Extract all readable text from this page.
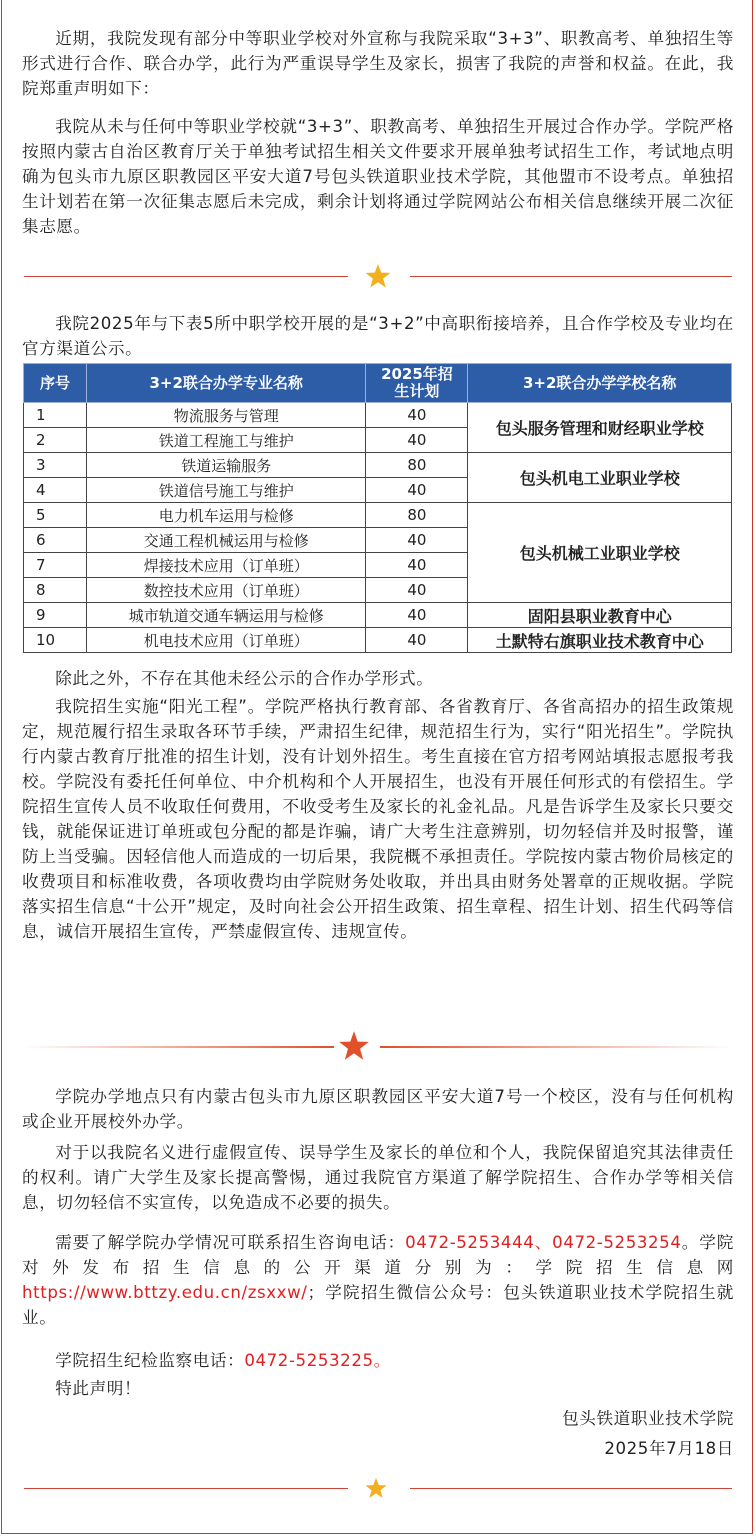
近期，我院发现有部分中等职业学校对外宣称与我院采取“3+3”、职教高考、单独招生等形式进行合作、联合办学，此行为严重误导学生及家长，损害了我院的声誉和权益。在此，我院郑重声明如下：

我院从未与任何中等职业学校就“3+3”、职教高考、单独招生开展过合作办学。学院严格按照内蒙古自治区教育厅关于单独考试招生相关文件要求开展单独考试招生工作，考试地点明确为包头市九原区职教园区平安大道7号包头铁道职业技术学院，其他盟市不设考点。单独招生计划若在第一次征集志愿后未完成，剩余计划将通过学院网站公布相关信息继续开展二次征集志愿。

我院2025年与下表5所中职学校开展的是“3+2”中高职衔接培养，且合作学校及专业均在官方渠道公示。

序号	3+2联合办学专业名称	2025年招生计划	3+2联合办学学校名称
1	物流服务与管理	40	包头服务管理和财经职业学校
2	铁道工程施工与维护	40	
3	铁道运输服务	80	包头机电工业职业学校
4	铁道信号施工与维护	40	
5	电力机车运用与检修	80	包头机械工业职业学校
6	交通工程机械运用与检修	40	
7	焊接技术应用（订单班）	40	
8	数控技术应用（订单班）	40	
9	城市轨道交通车辆运用与检修	40	固阳县职业教育中心
10	机电技术应用（订单班）	40	土默特右旗职业技术教育中心

除此之外，不存在其他未经公示的合作办学形式。

我院招生实施“阳光工程”。学院严格执行教育部、各省教育厅、各省高招办的招生政策规定，规范履行招生录取各环节手续，严肃招生纪律，规范招生行为，实行“阳光招生”。学院执行内蒙古教育厅批准的招生计划，没有计划外招生。考生直接在官方招考网站填报志愿报考我校。学院没有委托任何单位、中介机构和个人开展招生，也没有开展任何形式的有偿招生。学院招生宣传人员不收取任何费用，不收受考生及家长的礼金礼品。凡是告诉学生及家长只要交钱，就能保证进订单班或包分配的都是诈骗，请广大考生注意辨别，切勿轻信并及时报警，谨防上当受骗。因轻信他人而造成的一切后果，我院概不承担责任。学院按内蒙古物价局核定的收费项目和标准收费，各项收费均由学院财务处收取，并出具由财务处署章的正规收据。学院落实招生信息“十公开”规定，及时向社会公开招生政策、招生章程、招生计划、招生代码等信息，诚信开展招生宣传，严禁虚假宣传、违规宣传。

学院办学地点只有内蒙古包头市九原区职教园区平安大道7号一个校区，没有与任何机构或企业开展校外办学。

对于以我院名义进行虚假宣传、误导学生及家长的单位和个人，我院保留追究其法律责任的权利。请广大学生及家长提高警惕，通过我院官方渠道了解学院招生、合作办学等相关信息，切勿轻信不实宣传，以免造成不必要的损失。

需要了解学院办学情况可联系招生咨询电话：0472-5253444、0472-5253254。学院对外发布招生信息的公开渠道分别为：学院招生信息网https://www.bttzy.edu.cn/zsxxw/；学院招生微信公众号：包头铁道职业技术学院招生就业。

学院招生纪检监察电话：0472-5253225。

特此声明！

包头铁道职业技术学院

2025年7月18日
